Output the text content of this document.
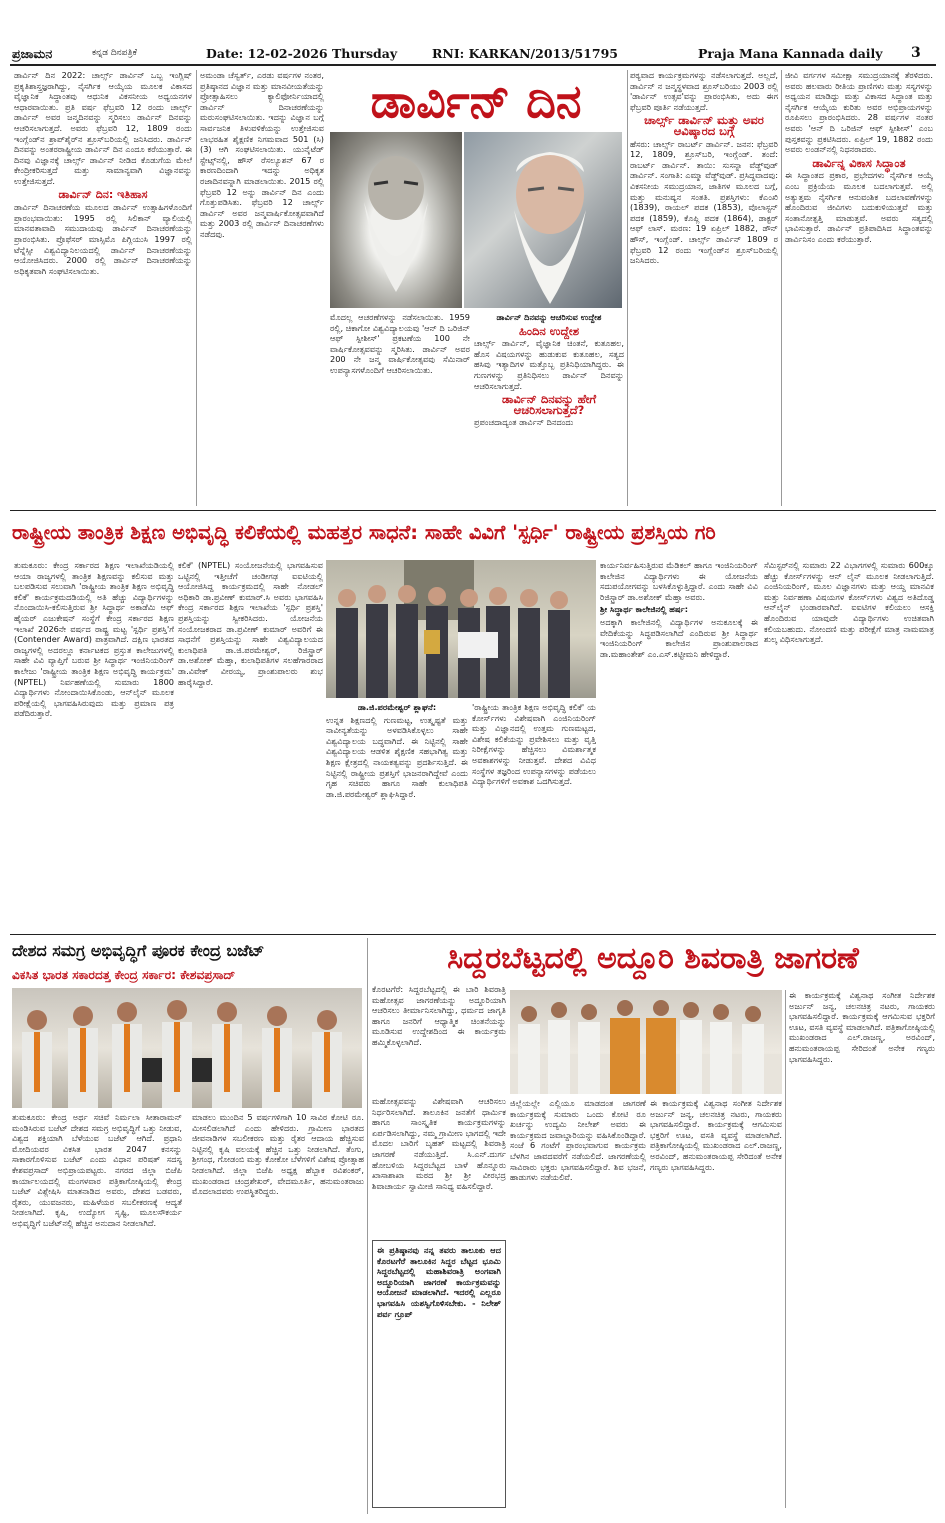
ಪ್ರಜಾಮನ	ಕನ್ನಡ ದಿನಪತ್ರಿಕೆ	Date: 12-02-2026 Thursday	RNI: KARKAN/2013/51795	Praja Mana Kannada daily 3

ಡಾರ್ವಿನ್ ದಿನ 2022: ಚಾರ್ಲ್ಸ್ ಡಾರ್ವಿನ್ ಒಬ್ಬ ಇಂಗ್ಲಿಷ್ ಪ್ರಕೃತಿಶಾಸ್ತ್ರಜ್ಞರಾಗಿದ್ದು, ನೈಸರ್ಗಿಕ ಆಯ್ಕೆಯ ಮೂಲಕ ವಿಕಾಸದ ವೈಜ್ಞಾನಿಕ ಸಿದ್ಧಾಂತವು ಆಧುನಿಕ ವಿಕಸನೀಯ ಅಧ್ಯಯನಗಳ ಆಧಾರವಾಯಿತು. ಪ್ರತಿ ವರ್ಷ ಫೆಬ್ರವರಿ 12 ರಂದು ಚಾರ್ಲ್ಸ್ ಡಾರ್ವಿನ್ ಅವರ ಜನ್ಮದಿನವನ್ನು ಸ್ಮರಿಸಲು ಡಾರ್ವಿನ್ ದಿನವನ್ನು ಆಚರಿಸಲಾಗುತ್ತದೆ. ಅವರು ಫೆಬ್ರವರಿ 12, 1809 ರಂದು ಇಂಗ್ಲೆಂಡ್‌ನ ಶ್ರಾಪ್‌ಶೈರ್‌ನ ಶ್ರೂಸ್‌ಬರಿಯಲ್ಲಿ ಜನಿಸಿದರು. ಡಾರ್ವಿನ್ ದಿನವನ್ನು ಅಂತರರಾಷ್ಟ್ರೀಯ ಡಾರ್ವಿನ್ ದಿನ ಎಂದೂ ಕರೆಯುತ್ತಾರೆ. ಈ ದಿನವು ವಿಜ್ಞಾನಕ್ಕೆ ಚಾರ್ಲ್ಸ್ ಡಾರ್ವಿನ್ ನೀಡಿದ ಕೊಡುಗೆಯ ಮೇಲೆ ಕೇಂದ್ರೀಕರಿಸುತ್ತದೆ ಮತ್ತು ಸಾಮಾನ್ಯವಾಗಿ ವಿಜ್ಞಾನವನ್ನು ಉತ್ತೇಜಿಸುತ್ತದೆ.

ಡಾರ್ವಿನ್ ದಿನ: ಇತಿಹಾಸ

ಡಾರ್ವಿನ್ ದಿನಾಚರಣೆಯ ಮೂಲದ ಡಾರ್ವಿನ್ ಉತ್ಸಾಹಿಗಳೊಂದಿಗೆ ಪ್ರಾರಂಭವಾಯಿತು: 1995 ರಲ್ಲಿ ಸಿಲಿಕಾನ್ ವ್ಯಾಲಿಯಲ್ಲಿ ಮಾನವತಾವಾದಿ ಸಮುದಾಯವು ಡಾರ್ವಿನ್ ದಿನಾಚರಣೆಯನ್ನು ಪ್ರಾರಂಭಿಸಿತು. ಪ್ರೊಫೆಸರ್ ಮಾಸ್ಸಿಮೊ ಪಿಗ್ಲಿಯುಸಿ 1997 ರಲ್ಲಿ ಟೆನ್ನೆಸ್ಸೀ ವಿಶ್ವವಿದ್ಯಾನಿಲಯದಲ್ಲಿ ಡಾರ್ವಿನ್ ದಿನಾಚರಣೆಯನ್ನು ಆಯೋಜಿಸಿದರು. 2000 ರಲ್ಲಿ ಡಾರ್ವಿನ್ ದಿನಾಚರಣೆಯನ್ನು ಅಧಿಕೃತವಾಗಿ ಸಂಘಟಿಸಲಾಯಿತು.

ಅಮಂಡಾ ಚೆಸ್ವರ್ತ್, ಎರಡು ವರ್ಷಗಳ ನಂತರ, ಪ್ರತಿಷ್ಠಾನದ ವಿಜ್ಞಾನ ಮತ್ತು ಮಾನವೀಯತೆಯನ್ನು ಪ್ರೋತ್ಸಾಹಿಸಲು ಕ್ಯಾಲಿಫೋರ್ನಿಯಾದಲ್ಲಿ ಡಾರ್ವಿನ್ ದಿನಾಚರಣೆಯನ್ನು ಮರುಸಂಘಟಿಸಲಾಯಿತು. ಇದನ್ನು ವಿಜ್ಞಾನ ಬಗ್ಗೆ ಸಾರ್ವಜನಿಕ ತಿಳುವಳಿಕೆಯನ್ನು ಉತ್ತೇಜಿಸುವ ಲಾಭರಹಿತ ಶೈಕ್ಷಣಿಕ ನಿಗಮವಾದ 501 (ಸಿ) (3) ಆಗಿ ಸಂಘಟಿಸಲಾಯಿತು. ಯುನೈಟೆಡ್ ಸ್ಟೇಟ್ಸ್‌ನಲ್ಲಿ, ಹೌಸ್ ರೆಸಲ್ಯೂಶನ್ 67 ರ ಕಾರಣದಿಂದಾಗಿ ಇದನ್ನು ಅಧಿಕೃತ ರಜಾದಿನವನ್ನಾಗಿ ಮಾಡಲಾಯಿತು. 2015 ರಲ್ಲಿ ಫೆಬ್ರವರಿ 12 ಅನ್ನು ಡಾರ್ವಿನ್ ದಿನ ಎಂದು ಗೊತ್ತುಪಡಿಸಿತು. ಫೆಬ್ರವರಿ 12 ಚಾರ್ಲ್ಸ್ ಡಾರ್ವಿನ್ ಅವರ ಜನ್ಮವಾರ್ಷಿಕೋತ್ಸವವಾಗಿದೆ ಮತ್ತು 2003 ರಲ್ಲಿ ಡಾರ್ವಿನ್ ದಿನಾಚರಣೆಗಳು ನಡೆದವು.

ಡಾರ್ವಿನ್ ದಿನ

ಮೊದಲ್ಲ ಆಚರಣೆಗಳನ್ನು ನಡೆಸಲಾಯಿತು. 1959 ರಲ್ಲಿ, ಚಿಕಾಗೋ ವಿಶ್ವವಿದ್ಯಾಲಯವು 'ಆನ್ ದಿ ಒರಿಜಿನ್ ಆಫ್ ಸ್ಪೀಶೀಸ್' ಪ್ರಕಟಣೆಯ 100 ನೇ ವಾರ್ಷಿಕೋತ್ಸವವನ್ನು ಸ್ಮರಿಸಿತು. ಡಾರ್ವಿನ್ ಅವರ 200 ನೇ ಜನ್ಮ ವಾರ್ಷಿಕೋತ್ಸವವು ಸೆಮಿನಾರ್ ಉಪನ್ಯಾಸಗಳೊಂದಿಗೆ ಆಚರಿಸಲಾಯಿತು.

ಡಾರ್ವಿನ್ ದಿನವನ್ನು ಆಚರಿಸುವ ಉದ್ದೇಶ

ಹಿಂದಿನ ಉದ್ದೇಶ

ಚಾರ್ಲ್ಸ್ ಡಾರ್ವಿನ್, ವೈಜ್ಞಾನಿಕ ಚಿಂತನೆ, ಕುತೂಹಲ, ಹೊಸ ವಿಷಯಗಳನ್ನು ಹುಡುಕುವ ಕುತೂಹಲ, ಸತ್ಯದ ಹಸಿವು ಇತ್ಯಾದಿಗಳ ಮತ್ತೊಬ್ಬ ಪ್ರತಿನಿಧಿಯಾಗಿದ್ದರು. ಈ ಗುಣಗಳನ್ನು ಪ್ರತಿನಿಧಿಸಲು ಡಾರ್ವಿನ್ ದಿನವನ್ನು ಆಚರಿಸಲಾಗುತ್ತದೆ.

ಡಾರ್ವಿನ್ ದಿನವನ್ನು ಹೇಗೆ ಆಚರಿಸಲಾಗುತ್ತದೆ?

ಪ್ರಪಂಚದಾದ್ಯಂತ ಡಾರ್ವಿನ್ ದಿನದಂದು

ಪಠ್ಯವಾದ ಕಾರ್ಯಕ್ರಮಗಳನ್ನು ನಡೆಸಲಾಗುತ್ತದೆ. ಅಲ್ಲದೆ, ಡಾರ್ವಿನ್ ನ ಜನ್ಮಸ್ಥಳವಾದ ಶ್ರೂಸ್‌ಬರಿಯು 2003 ರಲ್ಲಿ 'ಡಾರ್ವಿನ್ ಉತ್ಸವ'ವನ್ನು ಪ್ರಾರಂಭಿಸಿತು, ಅದು ಈಗ ಫೆಬ್ರವರಿ ಪೂರ್ತಿ ನಡೆಯುತ್ತದೆ.

ಚಾರ್ಲ್ಸ್ ಡಾರ್ವಿನ್ ಮತ್ತು ಅವರ ಆವಿಷ್ಕಾರದ ಬಗ್ಗೆ

ಹೆಸರು: ಚಾರ್ಲ್ಸ್ ರಾಬರ್ಟ್ ಡಾರ್ವಿನ್. ಜನನ: ಫೆಬ್ರವರಿ 12, 1809, ಶ್ರೂಸ್‌ಬರಿ, ಇಂಗ್ಲೆಂಡ್. ತಂದೆ: ರಾಬರ್ಟ್ ಡಾರ್ವಿನ್. ತಾಯಿ: ಸುಸನ್ನಾ ವೆಡ್ಜ್‌ವುಡ್ ಡಾರ್ವಿನ್. ಸಂಗಾತಿ: ಎಮ್ಮಾ ವೆಡ್ಜ್‌ವುಡ್. ಪ್ರಸಿದ್ಧವಾದವು: ವಿಕಸನೀಯ ಸಮುದ್ರಯಾನ, ಜಾತಿಗಳ ಮೂಲದ ಬಗ್ಗೆ, ಮತ್ತು ಮನುಷ್ಯನ ಸಂತತಿ. ಪ್ರಶಸ್ತಿಗಳು: ಕೆಎಂಖಿ (1839), ರಾಯಲ್ ಪದಕ (1853), ವೊಲಾಸ್ಟನ್ ಪದಕ (1859), ಕೊಪ್ಲಿ ಪದಕ (1864), ಡಾಕ್ಟರ್ ಆಫ್ ಲಾಸ್. ಮರಣ: 19 ಏಪ್ರಿಲ್ 1882, ಡೌನ್ ಹೌಸ್, ಇಂಗ್ಲೆಂಡ್. ಚಾರ್ಲ್ಸ್ ಡಾರ್ವಿನ್ 1809 ರ ಫೆಬ್ರವರಿ 12 ರಂದು ಇಂಗ್ಲೆಂಡ್‌ನ ಶ್ರೂಸ್‌ಬರಿಯಲ್ಲಿ ಜನಿಸಿದರು.

ಜೀವಿ ವರ್ಗಗಳ ಸಮೀಕ್ಷಾ ಸಮುದ್ರಯಾನಕ್ಕೆ ತೆರಳಿದರು. ಅವರು ಹಲವಾರು ರೀತಿಯ ಪ್ರಾಣಿಗಳು ಮತ್ತು ಸಸ್ಯಗಳನ್ನು ಅಧ್ಯಯನ ಮಾಡಿದ್ದು ಮತ್ತು ವಿಕಾಸದ ಸಿದ್ಧಾಂತ ಮತ್ತು ನೈಸರ್ಗಿಕ ಆಯ್ಕೆಯ ಕುರಿತು ಅವರ ಅಭಿಪ್ರಾಯಗಳನ್ನು ರೂಪಿಸಲು ಪ್ರಾರಂಭಿಸಿದರು. 28 ವರ್ಷಗಳ ನಂತರ ಅವರು 'ಆನ್ ದಿ ಒರಿಜಿನ್ ಆಫ್ ಸ್ಪೀಶೀಸ್' ಎಂಬ ಪುಸ್ತಕವನ್ನು ಪ್ರಕಟಿಸಿದರು. ಏಪ್ರಿಲ್ 19, 1882 ರಂದು ಅವರು ಲಂಡನ್‌ನಲ್ಲಿ ನಿಧನರಾದರು.

ಡಾರ್ವಿನ್ನ ವಿಕಾಸ ಸಿದ್ಧಾಂತ

ಈ ಸಿದ್ಧಾಂತದ ಪ್ರಕಾರ, ಪ್ರಭೇದಗಳು ನೈಸರ್ಗಿಕ ಆಯ್ಕೆ ಎಂಬ ಪ್ರಕ್ರಿಯೆಯ ಮೂಲಕ ಬದಲಾಗುತ್ತವೆ. ಅಲ್ಲಿ ಅತ್ಯುತ್ತಮ ನೈಸರ್ಗಿಕ ಆನುವಂಶಿಕ ಬದಲಾವಣೆಗಳನ್ನು ಹೊಂದಿರುವ ಜೀವಿಗಳು ಬದುಕುಳಿಯುತ್ತವೆ ಮತ್ತು ಸಂತಾನೋತ್ಪತ್ತಿ ಮಾಡುತ್ತವೆ. ಅವರು ಸತ್ಯದಲ್ಲಿ ಭಾವಿಸುತ್ತಾರೆ. ಡಾರ್ವಿನ್ ಪ್ರತಿಪಾದಿಸಿದ ಸಿದ್ಧಾಂತವನ್ನು ಡಾರ್ವಿನಿಸಂ ಎಂದು ಕರೆಯುತ್ತಾರೆ.

ರಾಷ್ಟ್ರೀಯ ತಾಂತ್ರಿಕ ಶಿಕ್ಷಣ ಅಭಿವೃದ್ಧಿ ಕಲಿಕೆಯಲ್ಲಿ ಮಹತ್ತರ ಸಾಧನೆ: ಸಾಹೇ ವಿವಿಗೆ 'ಸ್ಪರ್ಧಿ' ರಾಷ್ಟ್ರೀಯ ಪ್ರಶಸ್ತಿಯ ಗರಿ

ತುಮಕೂರು: ಕೇಂದ್ರ ಸರ್ಕಾರದ ಶಿಕ್ಷಣ ಇಲಾಖೆಯಡಿಯಲ್ಲಿ ಆಯಾ ರಾಜ್ಯಗಳಲ್ಲಿ ತಾಂತ್ರಿಕ ಶಿಕ್ಷಣವನ್ನು ಕಲಿಸುವ ಮತ್ತು ಬಲಪಡಿಸುವ ಸಲುವಾಗಿ 'ರಾಷ್ಟ್ರೀಯ ತಾಂತ್ರಿಕ ಶಿಕ್ಷಣ ಅಭಿವೃದ್ಧಿ ಕಲಿಕೆ' ಕಾರ್ಯಕ್ರಮದಡಿಯಲ್ಲಿ ಅತಿ ಹೆಚ್ಚು ವಿದ್ಯಾರ್ಥಿಗಳನ್ನು ನೊಂದಾಯಿಸಿ-ಕಲಿಸುತ್ತಿರುವ ಶ್ರೀ ಸಿದ್ಧಾರ್ಥ ಅಕಾಡೆಮಿ ಆಫ್ ಹೈಯರ್ ಎಜುಕೇಷನ್ ಸಂಸ್ಥೆಗೆ ಕೇಂದ್ರ ಸರ್ಕಾರದ ಶಿಕ್ಷಣ ಇಲಾಖೆ 2026ನೇ ವರ್ಷದ ರಾಷ್ಟ್ರ ಮಟ್ಟ 'ಸ್ಪರ್ಧಿ ಪ್ರಶಸ್ತಿ'ಗೆ (Contender Award) ಪಾತ್ರವಾಗಿದೆ. ದಕ್ಷಿಣ ಭಾರತದ ರಾಜ್ಯಗಳಲ್ಲಿ ಅದರಲ್ಲೂ ಕರ್ನಾಟಕದ ಪ್ರಸ್ತುತ ಕಾಲೇಜುಗಳಲ್ಲಿ ಸಾಹೇ ವಿವಿ ವ್ಯಾಪ್ತಿಗೆ ಬರುವ ಶ್ರೀ ಸಿದ್ಧಾರ್ಥ ಇಂಜಿನಿಯರಿಂಗ್ ಕಾಲೇಜು 'ರಾಷ್ಟ್ರೀಯ ತಾಂತ್ರಿಕ ಶಿಕ್ಷಣ ಅಭಿವೃದ್ಧಿ ಕಾರ್ಯಕ್ರಮ' (NPTEL) ನಿರ್ವಹಣೆಯಲ್ಲಿ ಸುಮಾರು 1800 ವಿದ್ಯಾರ್ಥಿಗಳು ನೋಂದಾಯಿಸಿಕೊಂಡು, ಆನ್‌ಲೈನ್ ಮೂಲಕ ಪರೀಕ್ಷೆಯಲ್ಲಿ ಭಾಗವಹಿಸಿರುವುದು ಮತ್ತು ಪ್ರಮಾಣ ಪತ್ರ ಪಡೆದಿರುತ್ತಾರೆ.

ಕಲಿಕೆ' (NPTEL) ಸಂಯೋಜನೆಯಲ್ಲಿ ಭಾಗವಹಿಸುವ ಒಟ್ಟಿನಲ್ಲಿ ಇತ್ತೀಚೆಗೆ ಚಂಡೀಗಢ ಐಐಟಿಯಲ್ಲಿ ಆಯೋಜಿಸಿದ್ದ ಕಾರ್ಯಕ್ರಮದಲ್ಲಿ ಸಾಹೇ ನೋಡಲ್ ಅಧಿಕಾರಿ ಡಾ.ಪ್ರವೀಣ್ ಕುಮಾರ್.ಸಿ ಅವರು ಭಾಗವಹಿಸಿ ಕೇಂದ್ರ ಸರ್ಕಾರದ ಶಿಕ್ಷಣ ಇಲಾಖೆಯ 'ಸ್ಪರ್ಧಿ ಪ್ರಶಸ್ತಿ' ಪ್ರಶಸ್ತಿಯನ್ನು ಸ್ವೀಕರಿಸಿದರು. ಯೋಜನೆಯ ಸಂಯೋಜಕರಾದ ಡಾ.ಪ್ರವೀಣ್ ಕುಮಾರ್ ಅವರಿಗೆ ಈ ಸಾಧನೆಗೆ ಪ್ರಶಸ್ತಿಯನ್ನು ಸಾಹೇ ವಿಶ್ವವಿದ್ಯಾಲಯದ ಕುಲಾಧಿಪತಿ ಡಾ.ಜಿ.ಪರಮೇಶ್ವರ್, ರಿಜಿಸ್ಟ್ರಾರ್ ಡಾ.ಅಶೋಕ್ ಮೆಹ್ತಾ, ಕುಲಾಧಿಪತಿಗಳ ಸಲಹೆಗಾರರಾದ ಡಾ.ವಿವೇಕ್ ವೀರಯ್ಯ, ಪ್ರಾಂಶುಪಾಲರು ಶುಭ ಹಾರೈಸಿದ್ದಾರೆ.

ಡಾ.ಜಿ.ಪರಮೇಶ್ವರ್ ಶ್ಲಾಘನೆ:

ಉನ್ನತ ಶಿಕ್ಷಣದಲ್ಲಿ ಗುಣಮಟ್ಟ, ಉತ್ಕೃಷ್ಟತೆ ಮತ್ತು ನಾವೀನ್ಯತೆಯನ್ನು ಅಳವಡಿಸಿಕೊಳ್ಳಲು ಸಾಹೇ ವಿಶ್ವವಿದ್ಯಾಲಯ ಬದ್ಧವಾಗಿದೆ. ಈ ನಿಟ್ಟಿನಲ್ಲಿ ಸಾಹೇ ವಿಶ್ವವಿದ್ಯಾಲಯ ಆಡಳಿತ ಶೈಕ್ಷಣಿಕ ಸಹಭಾಗಿತ್ವ ಮತ್ತು ಶಿಕ್ಷಣ ಕ್ಷೇತ್ರದಲ್ಲಿ ನಾಯಕತ್ವವನ್ನು ಪ್ರದರ್ಶಿಸುತ್ತಿದೆ. ಈ ನಿಟ್ಟಿನಲ್ಲಿ ರಾಷ್ಟ್ರೀಯ ಪ್ರಶಸ್ತಿಗೆ ಭಾಜನರಾಗಿದ್ದೇವೆ ಎಂದು ಗೃಹ ಸಚಿವರು ಹಾಗೂ ಸಾಹೇ ಕುಲಾಧಿಪತಿ ಡಾ.ಜಿ.ಪರಮೇಶ್ವರ್ ಶ್ಲಾಘಿಸಿದ್ದಾರೆ.

'ರಾಷ್ಟ್ರೀಯ ತಾಂತ್ರಿಕ ಶಿಕ್ಷಣ ಅಭಿವೃದ್ಧಿ ಕಲಿಕೆ' ಯ ಕೋರ್ಸ್‌ಗಳು ವಿಶೇಷವಾಗಿ ಎಂಜಿನಿಯರಿಂಗ್ ಮತ್ತು ವಿಜ್ಞಾನದಲ್ಲಿ ಉತ್ತಮ ಗುಣಮಟ್ಟದ, ವಿಶೇಷ ಕಲಿಕೆಯನ್ನು ಪ್ರವೇಶಿಸಲು ಮತ್ತು ವೃತ್ತಿ ನಿರೀಕ್ಷೆಗಳನ್ನು ಹೆಚ್ಚಿಸಲು ವಿಮರ್ಶಾತ್ಮಕ ಅವಕಾಶಗಳನ್ನು ನೀಡುತ್ತವೆ. ದೇಶದ ವಿವಿಧ ಸಂಸ್ಥೆಗಳ ತಜ್ಞರಿಂದ ಉಪನ್ಯಾಸಗಳನ್ನು ಪಡೆಯಲು ವಿದ್ಯಾರ್ಥಿಗಳಿಗೆ ಅವಕಾಶ ಒದಗಿಸುತ್ತದೆ.

ಕಾರ್ಯನಿರ್ವಹಿಸುತ್ತಿರುವ ಮೆಡಿಕಲ್ ಹಾಗೂ ಇಂಜಿನಿಯರಿಂಗ್ ಕಾಲೇಜಿನ ವಿದ್ಯಾರ್ಥಿಗಳು ಈ ಯೋಜನೆಯ ಸದುಪಯೋಗವನ್ನು ಬಳಸಿಕೊಳ್ಳುತ್ತಿದ್ದಾರೆ. ಎಂದು ಸಾಹೇ ವಿವಿ ರಿಜಿಸ್ಟ್ರಾರ್ ಡಾ.ಅಶೋಕ್ ಮೆಹ್ತಾ ಅವರು.

ಶ್ರೀ ಸಿದ್ಧಾರ್ಥ ಕಾಲೇಜಿನಲ್ಲಿ ಹರ್ಷ:

ಅದಕ್ಕಾಗಿ ಕಾಲೇಜಿನಲ್ಲಿ ವಿದ್ಯಾರ್ಥಿಗಳ ಅನುಕೂಲಕ್ಕೆ ಈ ವೇದಿಕೆಯನ್ನು ಸಿದ್ಧಪಡಿಸಲಾಗಿದೆ ಎಂದಿರುವ ಶ್ರೀ ಸಿದ್ಧಾರ್ಥ ಇಂಜಿನಿಯರಿಂಗ್ ಕಾಲೇಜಿನ ಪ್ರಾಂಶುಪಾಲರಾದ ಡಾ.ಮಹಾಂತೇಶ್ ಎಂ.ಎಸ್.ಕಟ್ಟೀಮನಿ ಹೇಳಿದ್ದಾರೆ.

ಸೆಮಿಸ್ಟರ್‌ನಲ್ಲಿ ಸುಮಾರು 22 ವಿಭಾಗಗಳಲ್ಲಿ ಸುಮಾರು 600ಕ್ಕೂ ಹೆಚ್ಚು ಕೋರ್ಸ್‌ಗಳನ್ನು ಆನ್ ಲೈನ್ ಮೂಲಕ ನೀಡಲಾಗುತ್ತಿದೆ. ಎಂಜಿನಿಯರಿಂಗ್, ಮೂಲ ವಿಜ್ಞಾನಗಳು ಮತ್ತು ಆಯ್ದ ಮಾನವಿಕ ಮತ್ತು ನಿರ್ವಹಣಾ ವಿಷಯಗಳ ಕೋರ್ಸ್‌ಗಳು ವಿಶ್ವದ ಅತಿದೊಡ್ಡ ಆನ್‌ಲೈನ್ ಭಂಡಾರವಾಗಿದೆ. ಐಐಟಿಗಳ ಕಲಿಯಲು ಆಸಕ್ತಿ ಹೊಂದಿರುವ ಯಾವುದೇ ವಿದ್ಯಾರ್ಥಿಗಳು ಉಚಿತವಾಗಿ ಕಲಿಯಬಹುದು. ನೋಂದಣಿ ಮತ್ತು ಪರೀಕ್ಷೆಗೆ ಮಾತ್ರ ನಾಮಮಾತ್ರ ಶುಲ್ಕ ವಿಧಿಸಲಾಗುತ್ತದೆ.

ದೇಶದ ಸಮಗ್ರ ಅಭಿವೃದ್ಧಿಗೆ ಪೂರಕ ಕೇಂದ್ರ ಬಜೆಟ್
ವಿಕಸಿತ ಭಾರತ ಸಕಾರದತ್ತ ಕೇಂದ್ರ ಸರ್ಕಾರ: ಕೇಶವಪ್ರಸಾದ್

ತುಮಕೂರು: ಕೇಂದ್ರ ಅರ್ಥ ಸಚಿವೆ ನಿರ್ಮಲಾ ಸೀತಾರಾಮನ್ ಮಂಡಿಸಿರುವ ಬಜೆಟ್ ದೇಶದ ಸಮಗ್ರ ಅಭಿವೃದ್ಧಿಗೆ ಒತ್ತು ನೀಡುವ, ವಿಶ್ವದ ಶಕ್ತಿಯಾಗಿ ಬೆಳೆಯುವ ಬಜೆಟ್ ಆಗಿದೆ. ಪ್ರಧಾನಿ ಮೋದಿಯವರ ವಿಕಸಿತ ಭಾರತ 2047 ಕನಸನ್ನು ಸಾಕಾರಗೊಳಿಸುವ ಬಜೆಟ್ ಎಂದು ವಿಧಾನ ಪರಿಷತ್ ಸದಸ್ಯ ಕೇಶವಪ್ರಸಾದ್ ಅಭಿಪ್ರಾಯಪಟ್ಟರು. ನಗರದ ಜಿಲ್ಲಾ ಬಿಜೆಪಿ ಕಾರ್ಯಾಲಯದಲ್ಲಿ ಮಂಗಳವಾರ ಪತ್ರಿಕಾಗೋಷ್ಠಿಯಲ್ಲಿ ಕೇಂದ್ರ ಬಜೆಟ್ ವಿಶ್ಲೇಷಿಸಿ ಮಾತನಾಡಿದ ಅವರು, ದೇಶದ ಬಡವರು, ರೈತರು, ಯುವಜನರು, ಮಹಿಳೆಯರ ಸಬಲೀಕರಣಕ್ಕೆ ಆದ್ಯತೆ ನೀಡಲಾಗಿದೆ. ಕೃಷಿ, ಉದ್ಯೋಗ ಸೃಷ್ಟಿ, ಮೂಲಸೌಕರ್ಯ ಅಭಿವೃದ್ಧಿಗೆ ಬಜೆಟ್‌ನಲ್ಲಿ ಹೆಚ್ಚಿನ ಅನುದಾನ ನೀಡಲಾಗಿದೆ.

ಮಾಡಲು ಮುಂದಿನ 5 ವರ್ಷಗಳಿಗಾಗಿ 10 ಸಾವಿರ ಕೋಟಿ ರೂ. ಮೀಸಲಿಡಲಾಗಿದೆ ಎಂದು ಹೇಳಿದರು. ಗ್ರಾಮೀಣ ಭಾರತದ ಜೀವನಾಡಿಗಳ ಸಬಲೀಕರಣ ಮತ್ತು ರೈತರ ಆದಾಯ ಹೆಚ್ಚಿಸುವ ನಿಟ್ಟಿನಲ್ಲಿ ಕೃಷಿ ವಲಯಕ್ಕೆ ಹೆಚ್ಚಿನ ಒತ್ತು ನೀಡಲಾಗಿದೆ. ತೆಂಗು, ಶ್ರೀಗಂಧ, ಗೋಡಂಬಿ ಮತ್ತು ಕೋಕೋ ಬೆಳೆಗಳಿಗೆ ವಿಶೇಷ ಪ್ರೋತ್ಸಾಹ ನೀಡಲಾಗಿದೆ. ಜಿಲ್ಲಾ ಬಿಜೆಪಿ ಅಧ್ಯಕ್ಷ ಹೆಬ್ಬಾಕ ರವಿಶಂಕರ್, ಮುಖಂಡರಾದ ಚಂದ್ರಶೇಖರ್, ವೇದಮೂರ್ತಿ, ಹನುಮಂತರಾಜು ಮೊದಲಾದವರು ಉಪಸ್ಥಿತರಿದ್ದರು.

ಸಿದ್ದರಬೆಟ್ಟದಲ್ಲಿ ಅದ್ದೂರಿ ಶಿವರಾತ್ರಿ ಜಾಗರಣೆ

ಕೊರಟಗೆರೆ: ಸಿದ್ದರಬೆಟ್ಟದಲ್ಲಿ ಈ ಬಾರಿ ಶಿವರಾತ್ರಿ ಮಹೋತ್ಸವ ಜಾಗರಣೆಯನ್ನು ಅದ್ದೂರಿಯಾಗಿ ಆಚರಿಸಲು ತೀರ್ಮಾನಿಸಲಾಗಿದ್ದು, ಧರ್ಮದ ಜಾಗೃತಿ ಹಾಗೂ ಜನರಿಗೆ ಆಧ್ಯಾತ್ಮಿಕ ಚಿಂತನೆಯನ್ನು ಮೂಡಿಸುವ ಉದ್ದೇಶದಿಂದ ಈ ಕಾರ್ಯಕ್ರಮ ಹಮ್ಮಿಕೊಳ್ಳಲಾಗಿದೆ.

ಮಹೋತ್ಸವವನ್ನು ವಿಶೇಷವಾಗಿ ಆಚರಿಸಲು ನಿರ್ಧರಿಸಲಾಗಿದೆ. ತಾಲೂಕಿನ ಜನತೆಗೆ ಧಾರ್ಮಿಕ ಹಾಗೂ ಸಾಂಸ್ಕೃತಿಕ ಕಾರ್ಯಕ್ರಮಗಳನ್ನು ಏರ್ಪಡಿಸಲಾಗಿದ್ದು, ನಮ್ಮ ಗ್ರಾಮೀಣ ಭಾಗದಲ್ಲಿ ಇದೇ ಮೊದಲ ಬಾರಿಗೆ ಬೃಹತ್ ಮಟ್ಟದಲ್ಲಿ ಶಿವರಾತ್ರಿ ಜಾಗರಣೆ ನಡೆಯುತ್ತಿದೆ. ಸಿ.ಎನ್.ದುರ್ಗ ಹೋಬಳಿಯ ಸಿದ್ದರಬೆಟ್ಟದ ಬಾಳೆ ಹೊನ್ನೂರು ಖಾಸಾಶಾಖಾ ಮಠದ ಶ್ರೀ ಶ್ರೀ ವೀರಭದ್ರ ಶಿವಾಚಾರ್ಯ ಸ್ವಾಮೀಜಿ ಸಾನಿಧ್ಯ ವಹಿಸಲಿದ್ದಾರೆ.

ಈ ಪ್ರತಿಷ್ಠಾನವು ನನ್ನ ತವರು ತಾಲೂಕು ಆದ ಕೊರಟಗೆರೆ ತಾಲೂಕಿನ ಸಿದ್ದರ ಬೆಟ್ಟದ ಭೂಮಿ ಸಿದ್ದರಬೆಟ್ಟದಲ್ಲಿ ಮಹಾಶಿವರಾತ್ರಿ ಅಂಗವಾಗಿ ಅದ್ದೂರಿಯಾಗಿ ಜಾಗರಣೆ ಕಾರ್ಯಕ್ರಮವನ್ನು ಆಯೋಜನೆ ಮಾಡಲಾಗಿದೆ. ಇದರಲ್ಲಿ ಎಲ್ಲರೂ ಭಾಗವಹಿಸಿ ಯಶಸ್ವಿಗೊಳಿಸಬೇಕು. - ನಿಲೇಶ್ ಪರ್ವ ಗ್ರೂಪ್

ಜಿಲ್ಲೆಯಲ್ಲೇ ಎಲ್ಲಿಯೂ ಮಾಡದಂತ ಜಾಗರಣೆ ಕಾರ್ಯಕ್ರಮಕ್ಕೆ ಸುಮಾರು ಒಂದು ಕೋಟಿ ರೂ ಖರ್ಚನ್ನು ಉದ್ಯಮಿ ನೀಲೇಶ್ ಅವರು ಈ ಕಾರ್ಯಕ್ರಮದ ಜವಾಬ್ದಾರಿಯನ್ನು ವಹಿಸಿಕೊಂಡಿದ್ದಾರೆ. ಸಂಜೆ 6 ಗಂಟೆಗೆ ಪ್ರಾರಂಭವಾಗುವ ಕಾರ್ಯಕ್ರಮ ಬೆಳಗಿನ ಜಾವದವರೆಗೆ ನಡೆಯಲಿದೆ. ಜಾಗರಣೆಯಲ್ಲಿ ಸಾವಿರಾರು ಭಕ್ತರು ಭಾಗವಹಿಸಲಿದ್ದಾರೆ. ಶಿವ ಭಜನೆ, ಹಾಡುಗಳು ನಡೆಯಲಿವೆ.

ಈ ಕಾರ್ಯಕ್ರಮಕ್ಕೆ ವಿಶ್ವನಾಥ ಸಂಗೀತ ನಿರ್ದೇಶಕ ಅರ್ಜುನ್ ಜನ್ಯ, ಚಲನಚಿತ್ರ ನಟರು, ಗಾಯಕರು ಭಾಗವಹಿಸಲಿದ್ದಾರೆ. ಕಾರ್ಯಕ್ರಮಕ್ಕೆ ಆಗಮಿಸುವ ಭಕ್ತರಿಗೆ ಊಟ, ವಸತಿ ವ್ಯವಸ್ಥೆ ಮಾಡಲಾಗಿದೆ. ಪತ್ರಿಕಾಗೋಷ್ಠಿಯಲ್ಲಿ ಮುಖಂಡರಾದ ಎಲ್.ರಾಜಣ್ಣ, ಅರವಿಂದ್, ಹನುಮಂತರಾಯಪ್ಪ ಸೇರಿದಂತೆ ಅನೇಕ ಗಣ್ಯರು ಭಾಗವಹಿಸಿದ್ದರು.

ಈ ಕಾರ್ಯಕ್ರಮಕ್ಕೆ ವಿಶ್ವನಾಥ ಸಂಗೀತ ನಿರ್ದೇಶಕ ಅರ್ಜುನ್ ಜನ್ಯ, ಚಲನಚಿತ್ರ ನಟರು, ಗಾಯಕರು ಭಾಗವಹಿಸಲಿದ್ದಾರೆ. ಕಾರ್ಯಕ್ರಮಕ್ಕೆ ಆಗಮಿಸುವ ಭಕ್ತರಿಗೆ ಊಟ, ವಸತಿ ವ್ಯವಸ್ಥೆ ಮಾಡಲಾಗಿದೆ. ಪತ್ರಿಕಾಗೋಷ್ಠಿಯಲ್ಲಿ ಮುಖಂಡರಾದ ಎಲ್.ರಾಜಣ್ಣ, ಅರವಿಂದ್, ಹನುಮಂತರಾಯಪ್ಪ ಸೇರಿದಂತೆ ಅನೇಕ ಗಣ್ಯರು ಭಾಗವಹಿಸಿದ್ದರು.
